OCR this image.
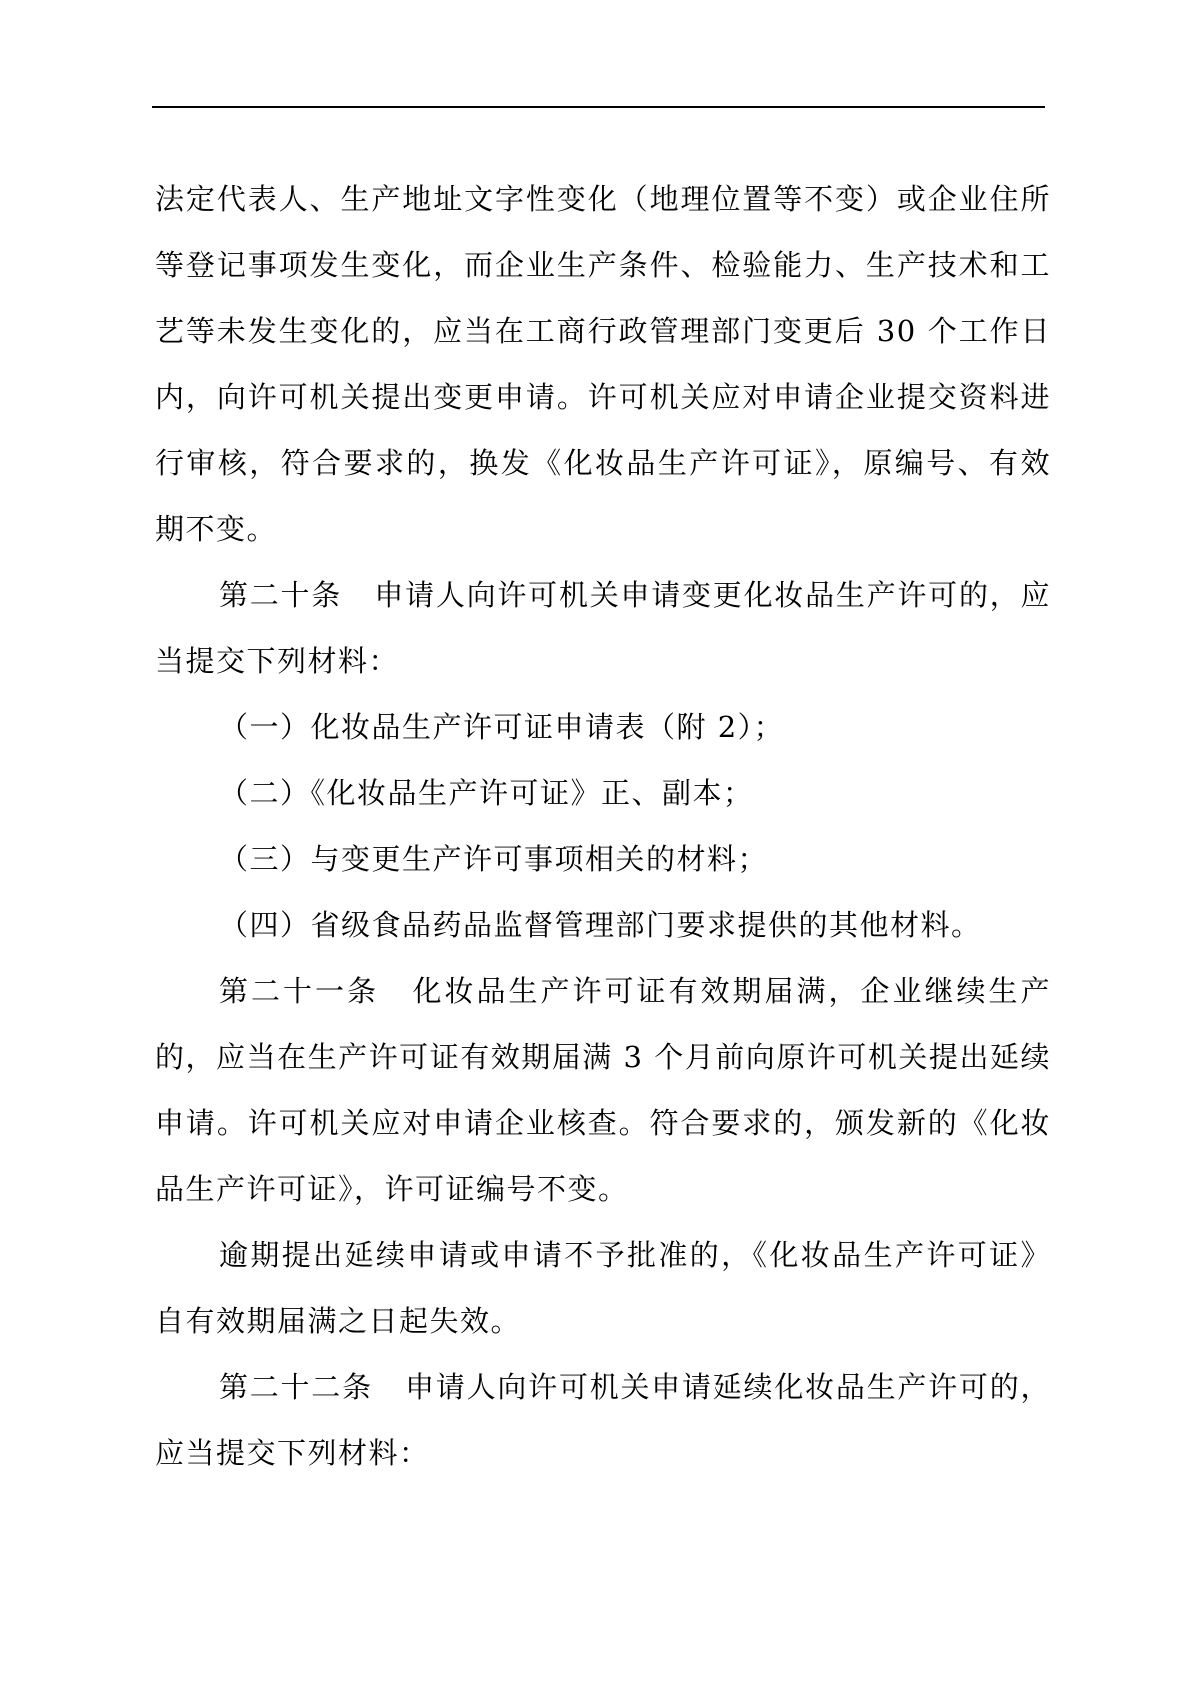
法定代表人、生产地址文字性变化（地理位置等不变）或企业住所等登记事项发生变化，而企业生产条件、检验能力、生产技术和工艺等未发生变化的，应当在工商行政管理部门变更后 30 个工作日内，向许可机关提出变更申请。许可机关应对申请企业提交资料进行审核，符合要求的，换发《化妆品生产许可证》，原编号、有效期不变。

第二十条 申请人向许可机关申请变更化妆品生产许可的，应当提交下列材料：

（一）化妆品生产许可证申请表（附 2）；

（二）《化妆品生产许可证》正、副本；

（三）与变更生产许可事项相关的材料；

（四）省级食品药品监督管理部门要求提供的其他材料。

第二十一条 化妆品生产许可证有效期届满，企业继续生产的，应当在生产许可证有效期届满 3 个月前向原许可机关提出延续申请。许可机关应对申请企业核查。符合要求的，颁发新的《化妆品生产许可证》，许可证编号不变。

逾期提出延续申请或申请不予批准的，《化妆品生产许可证》自有效期届满之日起失效。

第二十二条 申请人向许可机关申请延续化妆品生产许可的，应当提交下列材料：
